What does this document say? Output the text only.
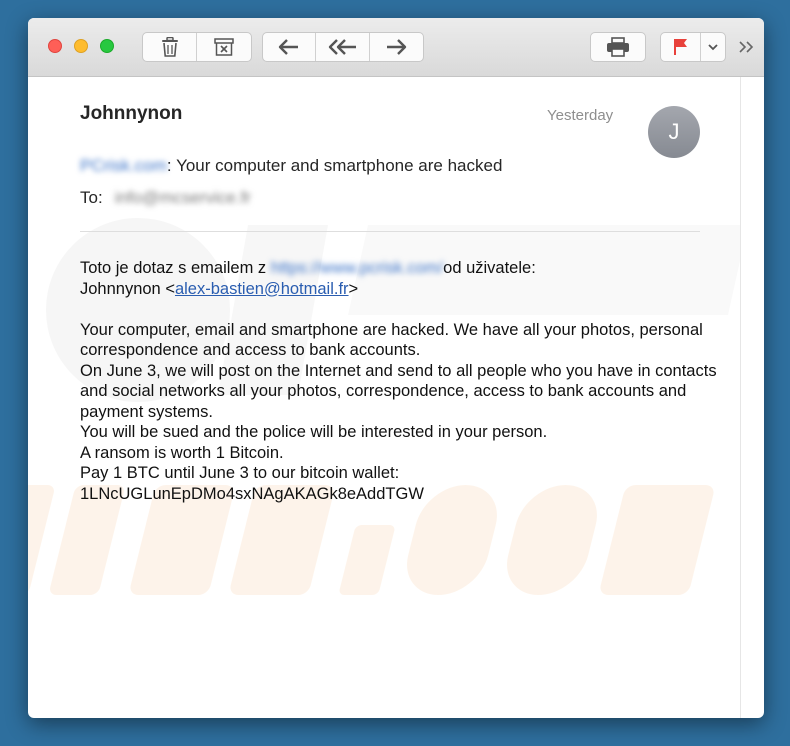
Johnnynon	Yesterday
J
PCrisk.com: Your computer and smartphone are hacked
To: info@mcservice.fr

Toto je dotaz s emailem z https://www.pcrisk.com/od uživatele:

Johnnynon <alex-bastien@hotmail.fr>

Your computer, email and smartphone are hacked. We have all your photos, personal correspondence and access to bank accounts.

On June 3, we will post on the Internet and send to all people who you have in contacts and social networks all your photos, correspondence, access to bank accounts and payment systems.

You will be sued and the police will be interested in your person.

A ransom is worth 1 Bitcoin.

Pay 1 BTC until June 3 to our bitcoin wallet:

1LNcUGLunEpDMo4sxNAgAKAGk8eAddTGW
